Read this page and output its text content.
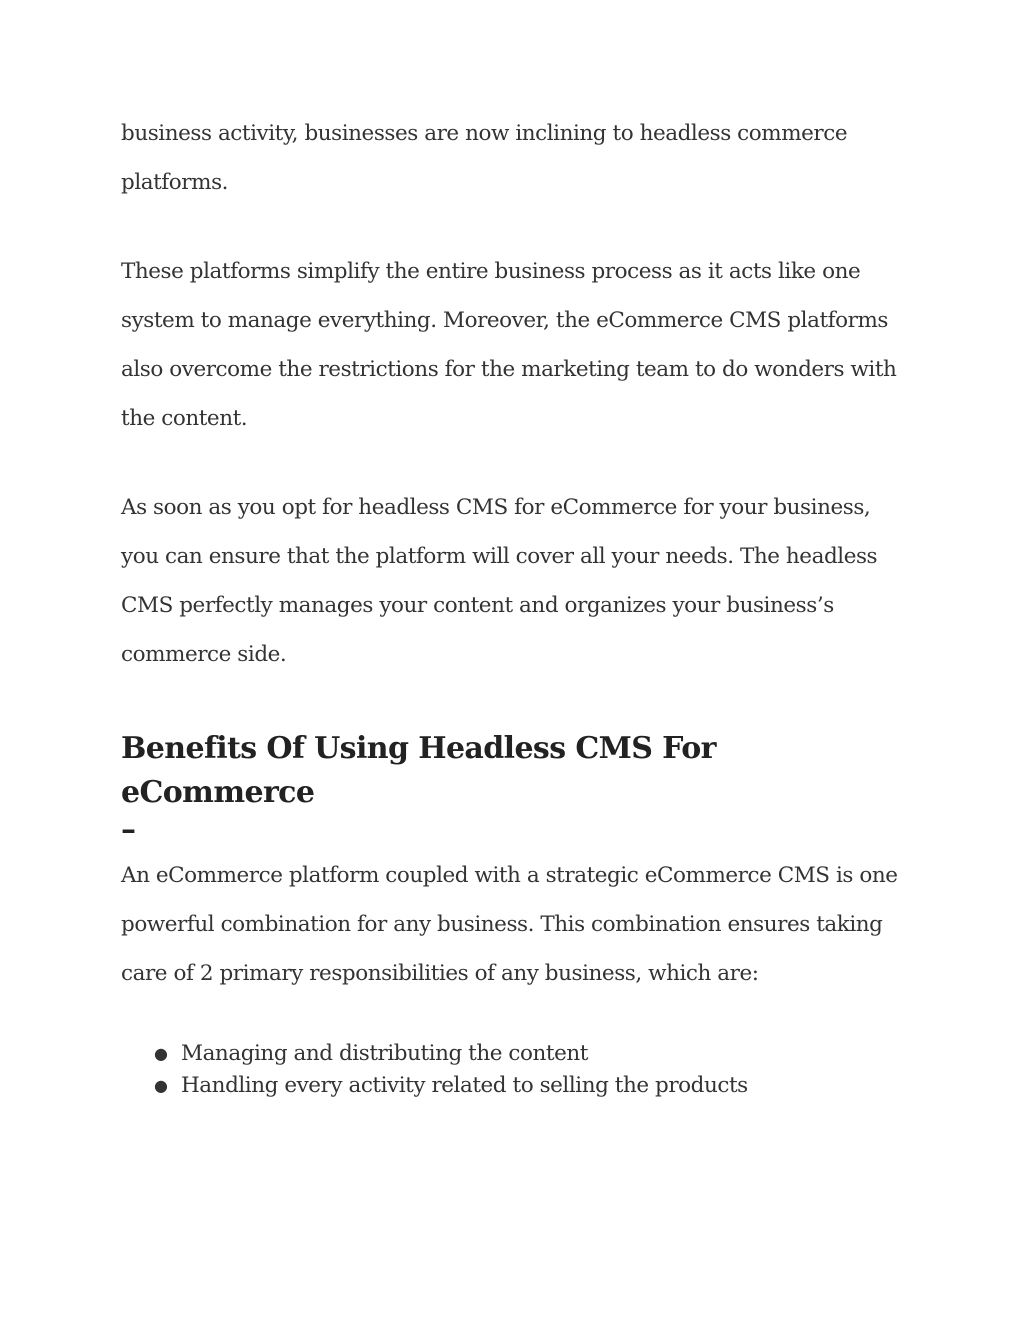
business activity, businesses are now inclining to headless commerce platforms.

These platforms simplify the entire business process as it acts like one system to manage everything. Moreover, the eCommerce CMS platforms also overcome the restrictions for the marketing team to do wonders with the content.

As soon as you opt for headless CMS for eCommerce for your business, you can ensure that the platform will cover all your needs. The headless CMS perfectly manages your content and organizes your business’s commerce side.

Benefits Of Using Headless CMS For eCommerce
–

An eCommerce platform coupled with a strategic eCommerce CMS is one powerful combination for any business. This combination ensures taking care of 2 primary responsibilities of any business, which are:

● Managing and distributing the content
● Handling every activity related to selling the products
